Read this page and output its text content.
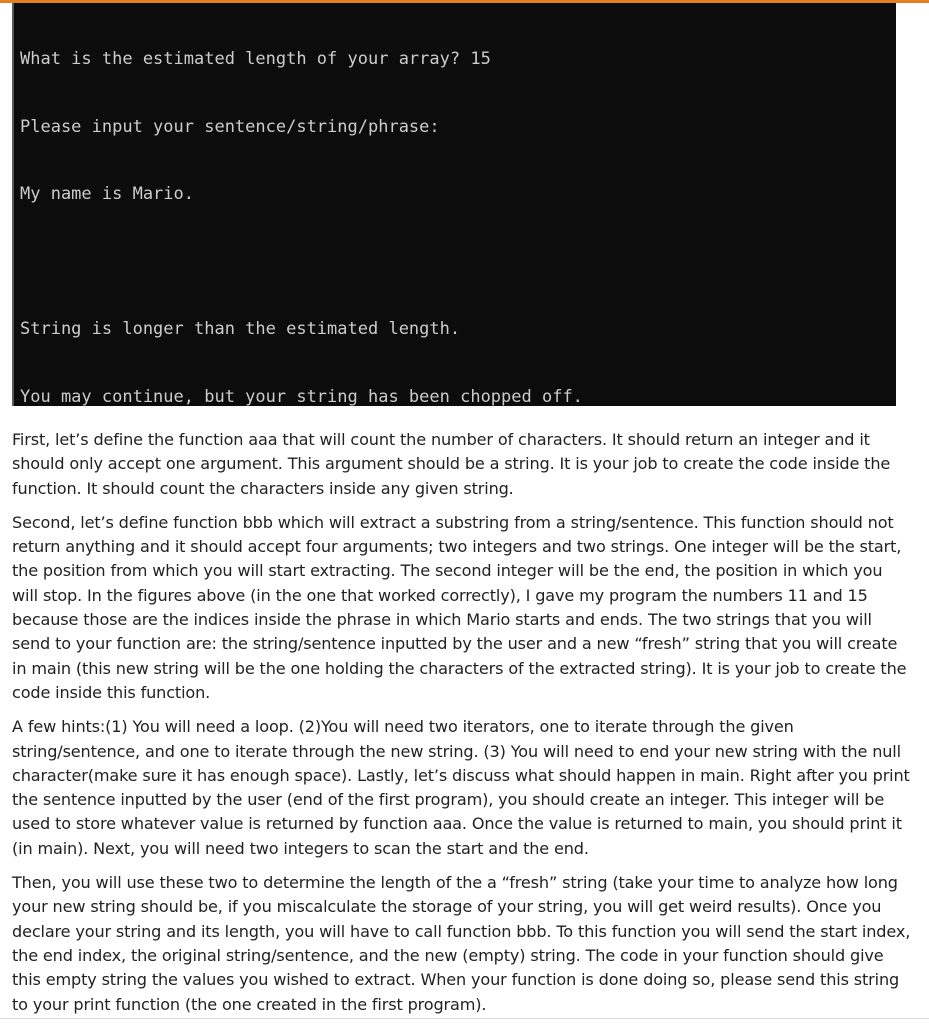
What is the estimated length of your array? 15

Please input your sentence/string/phrase:

My name is Mario.

String is longer than the estimated length.

You may continue, but your string has been chopped off.

First, let’s define the function aaa that will count the number of characters. It should return an integer and it should only accept one argument. This argument should be a string. It is your job to create the code inside the function. It should count the characters inside any given string.

Second, let’s define function bbb which will extract a substring from a string/sentence. This function should not return anything and it should accept four arguments; two integers and two strings. One integer will be the start, the position from which you will start extracting. The second integer will be the end, the position in which you will stop. In the figures above (in the one that worked correctly), I gave my program the numbers 11 and 15 because those are the indices inside the phrase in which Mario starts and ends. The two strings that you will send to your function are: the string/sentence inputted by the user and a new “fresh” string that you will create in main (this new string will be the one holding the characters of the extracted string). It is your job to create the code inside this function.

A few hints:(1) You will need a loop. (2)You will need two iterators, one to iterate through the given string/sentence, and one to iterate through the new string. (3) You will need to end your new string with the null character(make sure it has enough space). Lastly, let’s discuss what should happen in main. Right after you print the sentence inputted by the user (end of the first program), you should create an integer. This integer will be used to store whatever value is returned by function aaa. Once the value is returned to main, you should print it (in main). Next, you will need two integers to scan the start and the end.

Then, you will use these two to determine the length of the a “fresh” string (take your time to analyze how long your new string should be, if you miscalculate the storage of your string, you will get weird results). Once you declare your string and its length, you will have to call function bbb. To this function you will send the start index, the end index, the original string/sentence, and the new (empty) string. The code in your function should give this empty string the values you wished to extract. When your function is done doing so, please send this string to your print function (the one created in the first program).
